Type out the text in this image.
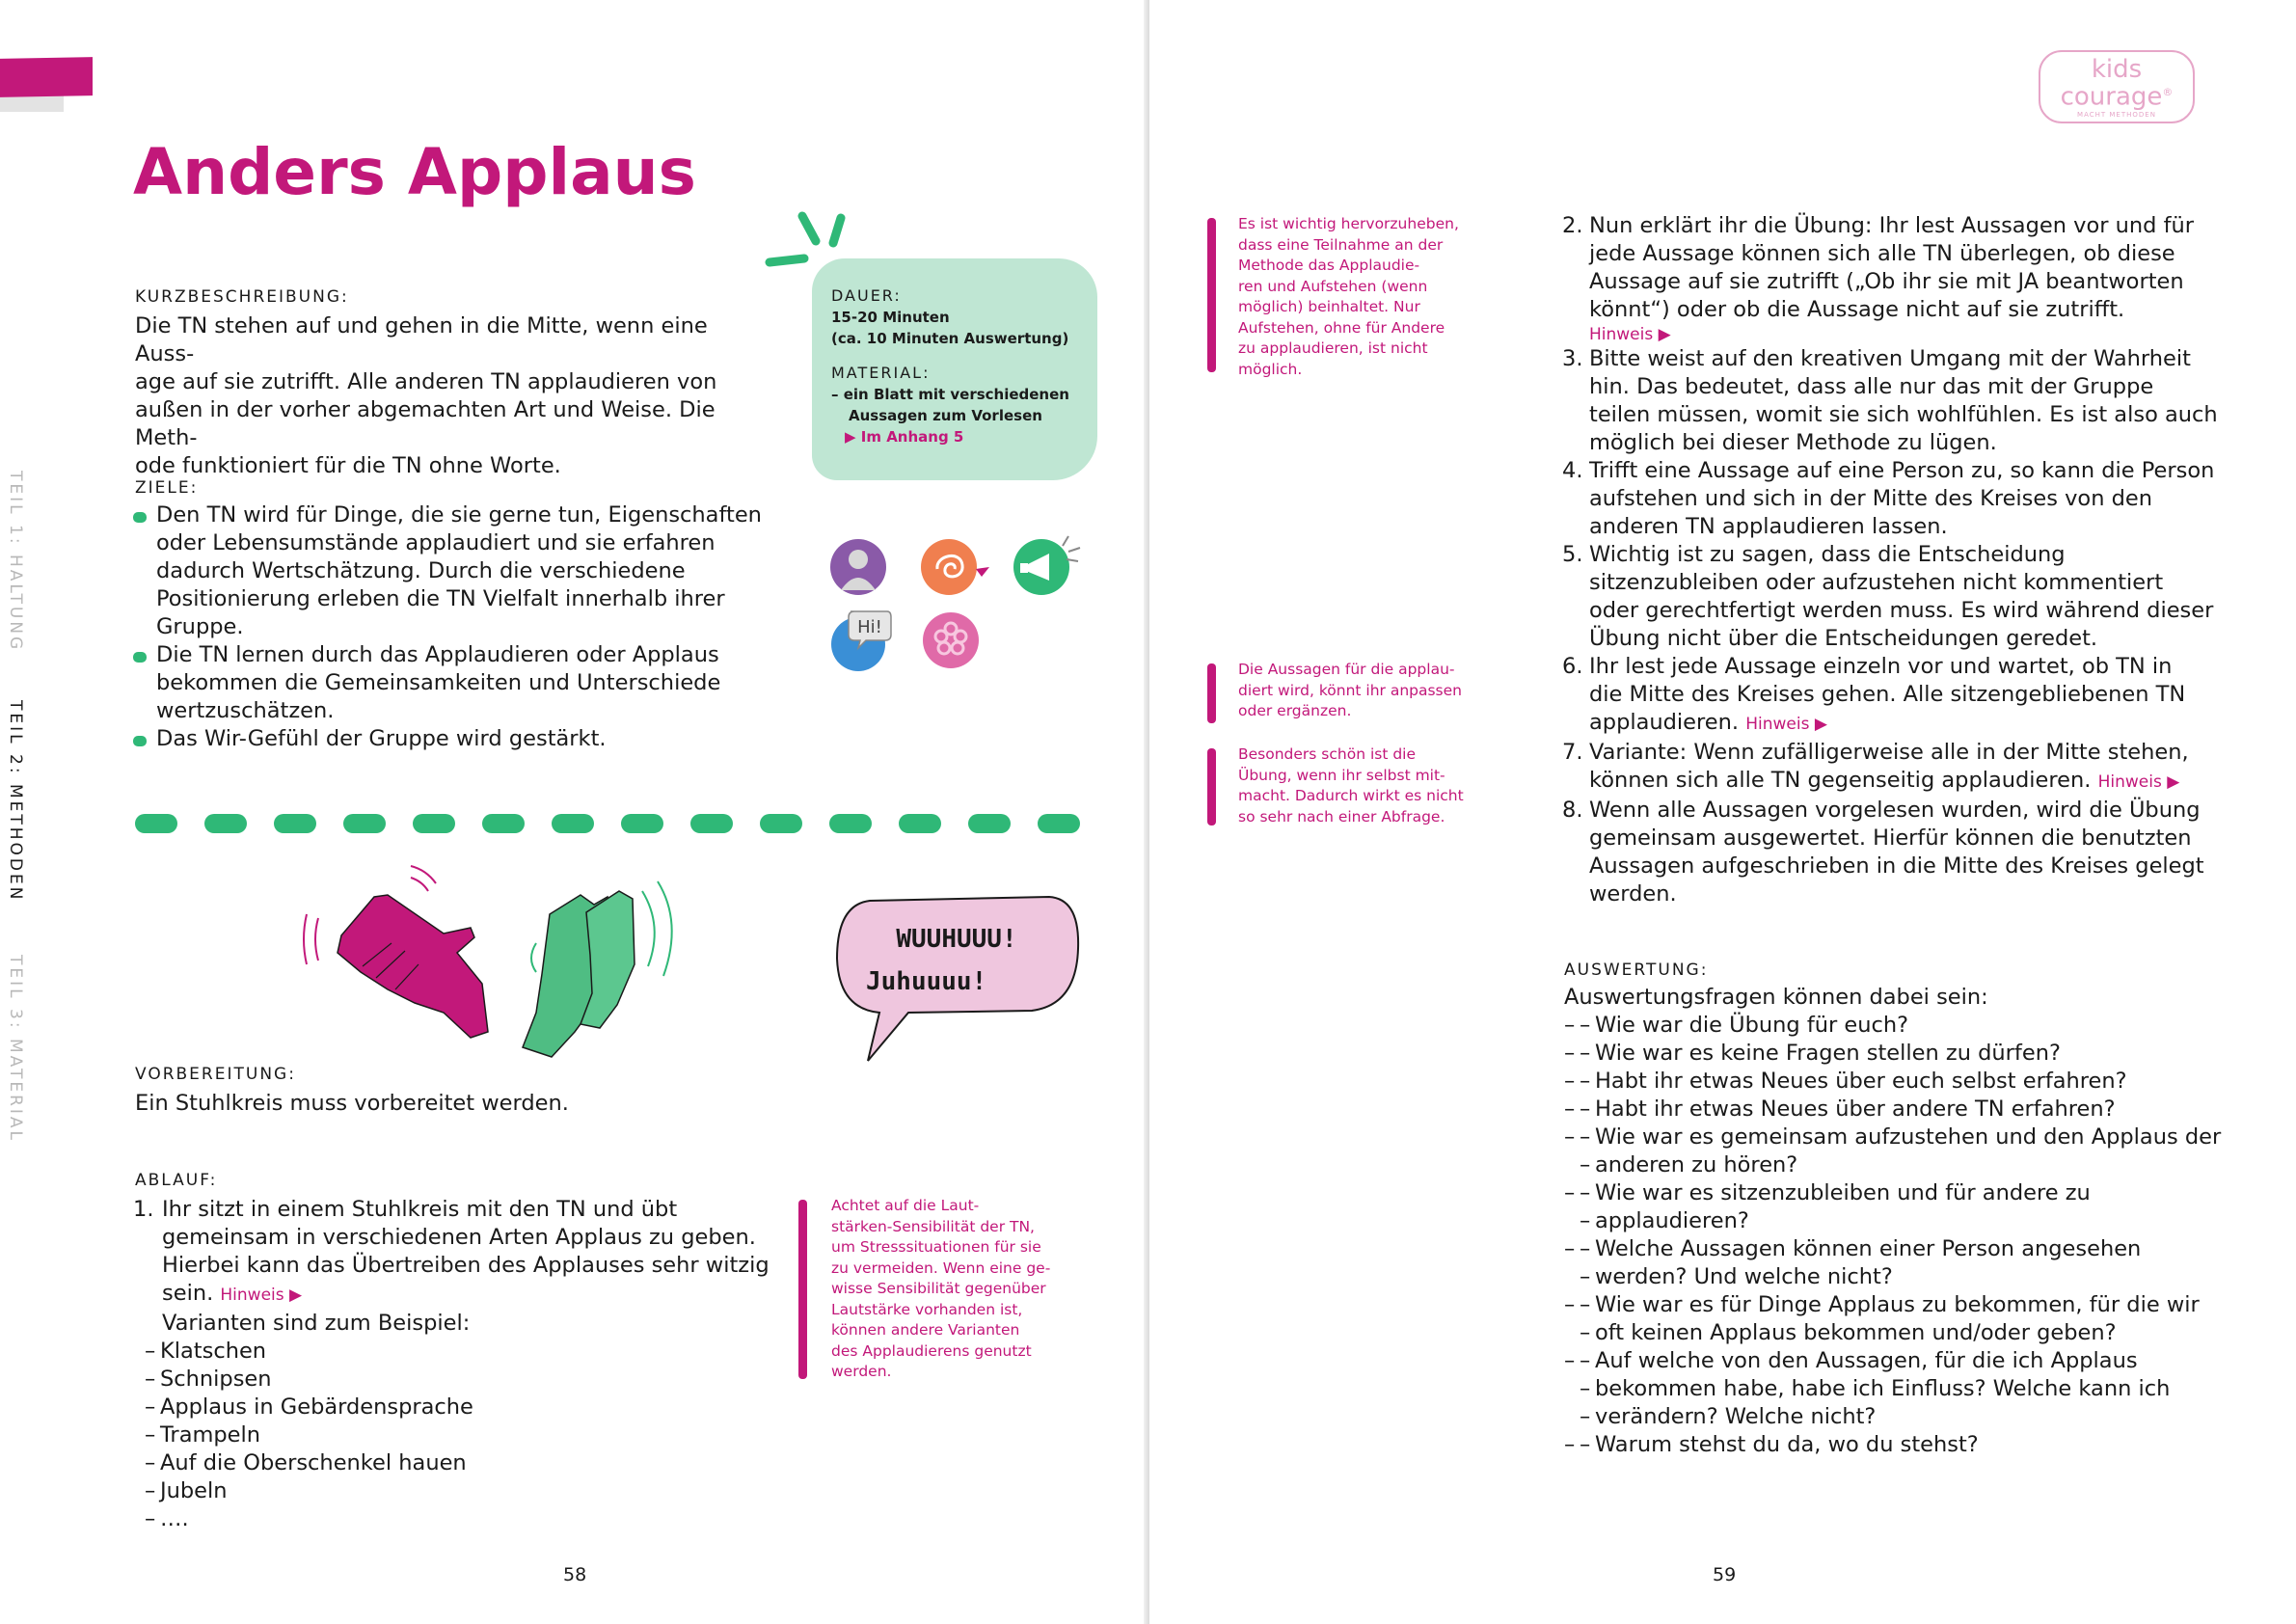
TEIL 1: HALTUNG
TEIL 2: METHODEN
TEIL 3: MATERIAL
Anders Applaus
KURZBESCHREIBUNG:
Die TN stehen auf und gehen in die Mitte, wenn eine Auss-
age auf sie zutrifft. Alle anderen TN applaudieren von
außen in der vorher abgemachten Art und Weise. Die Meth-
ode funktioniert für die TN ohne Worte.
ZIELE:
Den TN wird für Dinge, die sie gerne tun, Eigenschaften
oder Lebensumstände applaudiert und sie erfahren
dadurch Wertschätzung. Durch die verschiedene
Positionierung erleben die TN Vielfalt innerhalb ihrer
Gruppe.
Die TN lernen durch das Applaudieren oder Applaus
bekommen die Gemeinsamkeiten und Unterschiede
wertzuschätzen.
Das Wir-Gefühl der Gruppe wird gestärkt.
DAUER:
15-20 Minuten
(ca. 10 Minuten Auswertung)
MATERIAL:
– ein Blatt mit verschiedenen
Aussagen zum Vorlesen
▶ Im Anhang 5
Hi!
WUUHUUU!
Juhuuuu!
VORBEREITUNG:
Ein Stuhlkreis muss vorbereitet werden.
ABLAUF:
1. Ihr sitzt in einem Stuhlkreis mit den TN und übt
gemeinsam in verschiedenen Arten Applaus zu geben.
Hierbei kann das Übertreiben des Applauses sehr witzig
sein. Hinweis ▶
Varianten sind zum Beispiel:
– Klatschen
– Schnipsen
– Applaus in Gebärdensprache
– Trampeln
– Auf die Oberschenkel hauen
– Jubeln
– ….
Achtet auf die Laut-
stärken-Sensibilität der TN,
um Stresssituationen für sie
zu vermeiden. Wenn eine ge-
wisse Sensibilität gegenüber
Lautstärke vorhanden ist,
können andere Varianten
des Applaudierens genutzt
werden.
58
kids
courage®
MACHT METHODEN
Es ist wichtig hervorzuheben,
dass eine Teilnahme an der
Methode das Applaudie-
ren und Aufstehen (wenn
möglich) beinhaltet. Nur
Aufstehen, ohne für Andere
zu applaudieren, ist nicht
möglich.
Die Aussagen für die applau-
diert wird, könnt ihr anpassen
oder ergänzen.
Besonders schön ist die
Übung, wenn ihr selbst mit-
macht. Dadurch wirkt es nicht
so sehr nach einer Abfrage.
2. Nun erklärt ihr die Übung: Ihr lest Aussagen vor und für
jede Aussage können sich alle TN überlegen, ob diese
Aussage auf sie zutrifft („Ob ihr sie mit JA beantworten
könnt“) oder ob die Aussage nicht auf sie zutrifft.
Hinweis ▶
3. Bitte weist auf den kreativen Umgang mit der Wahrheit
hin. Das bedeutet, dass alle nur das mit der Gruppe
teilen müssen, womit sie sich wohlfühlen. Es ist also auch
möglich bei dieser Methode zu lügen.
4. Trifft eine Aussage auf eine Person zu, so kann die Person
aufstehen und sich in der Mitte des Kreises von den
anderen TN applaudieren lassen.
5. Wichtig ist zu sagen, dass die Entscheidung
sitzenzubleiben oder aufzustehen nicht kommentiert
oder gerechtfertigt werden muss. Es wird während dieser
Übung nicht über die Entscheidungen geredet.
6. Ihr lest jede Aussage einzeln vor und wartet, ob TN in
die Mitte des Kreises gehen. Alle sitzengebliebenen TN
applaudieren. Hinweis ▶
7. Variante: Wenn zufälligerweise alle in der Mitte stehen,
können sich alle TN gegenseitig applaudieren. Hinweis ▶
8. Wenn alle Aussagen vorgelesen wurden, wird die Übung
gemeinsam ausgewertet. Hierfür können die benutzten
Aussagen aufgeschrieben in die Mitte des Kreises gelegt
werden.
AUSWERTUNG:
Auswertungsfragen können dabei sein:
– – Wie war die Übung für euch?
– – Wie war es keine Fragen stellen zu dürfen?
– – Habt ihr etwas Neues über euch selbst erfahren?
– – Habt ihr etwas Neues über andere TN erfahren?
– – Wie war es gemeinsam aufzustehen und den Applaus der
– anderen zu hören?
– – Wie war es sitzenzubleiben und für andere zu
– applaudieren?
– – Welche Aussagen können einer Person angesehen
– werden? Und welche nicht?
– – Wie war es für Dinge Applaus zu bekommen, für die wir
– oft keinen Applaus bekommen und/oder geben?
– – Auf welche von den Aussagen, für die ich Applaus
– bekommen habe, habe ich Einfluss? Welche kann ich
– verändern? Welche nicht?
– – Warum stehst du da, wo du stehst?
59
